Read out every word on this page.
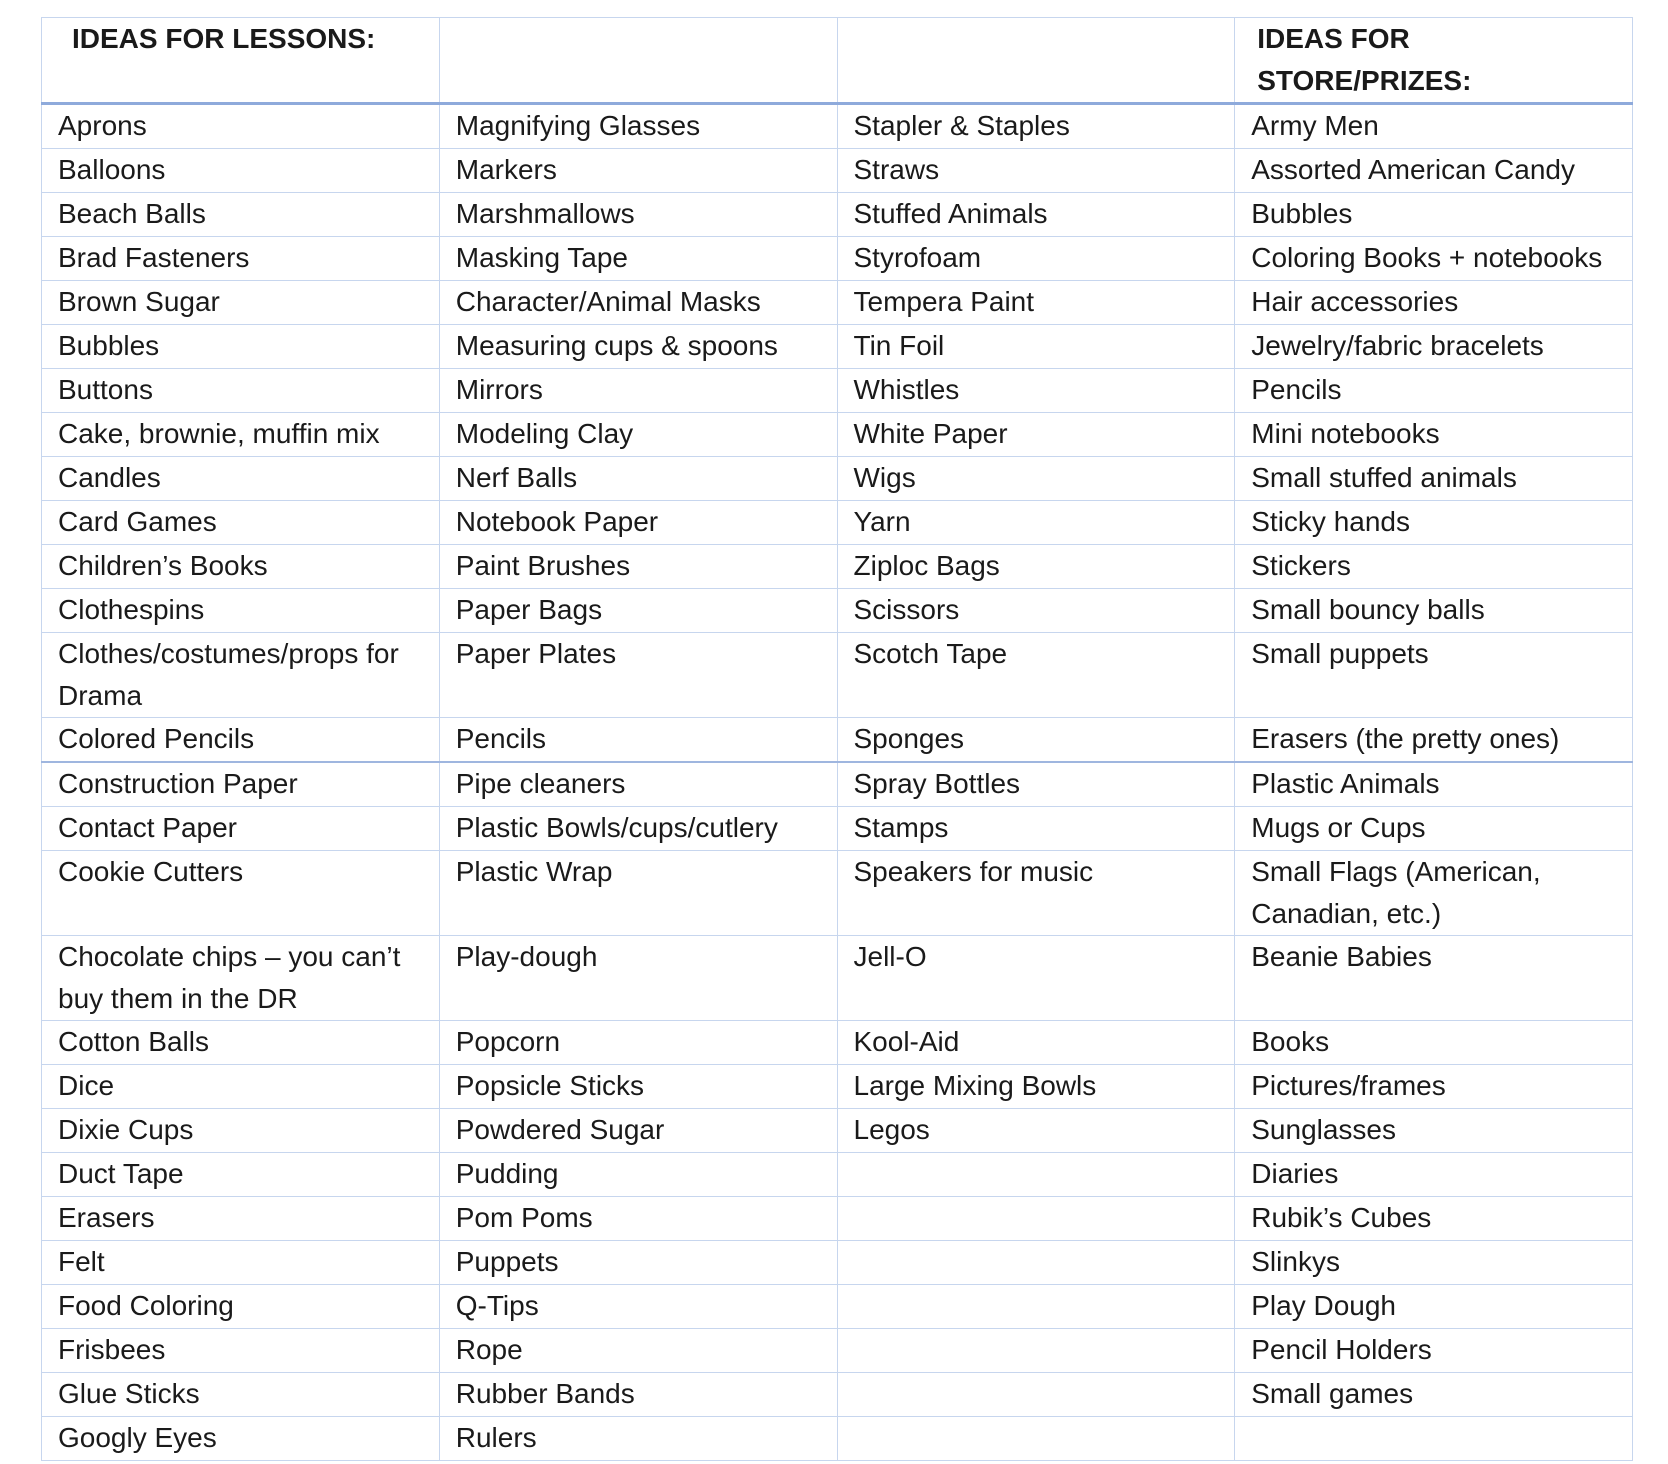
IDEAS FOR LESSONS:			IDEAS FOR STORE/PRIZES:
Aprons	Magnifying Glasses	Stapler & Staples	Army Men
Balloons	Markers	Straws	Assorted American Candy
Beach Balls	Marshmallows	Stuffed Animals	Bubbles
Brad Fasteners	Masking Tape	Styrofoam	Coloring Books + notebooks
Brown Sugar	Character/Animal Masks	Tempera Paint	Hair accessories
Bubbles	Measuring cups & spoons	Tin Foil	Jewelry/fabric bracelets
Buttons	Mirrors	Whistles	Pencils
Cake, brownie, muffin mix	Modeling Clay	White Paper	Mini notebooks
Candles	Nerf Balls	Wigs	Small stuffed animals
Card Games	Notebook Paper	Yarn	Sticky hands
Children’s Books	Paint Brushes	Ziploc Bags	Stickers
Clothespins	Paper Bags	Scissors	Small bouncy balls
Clothes/costumes/props for Drama	Paper Plates	Scotch Tape	Small puppets
Colored Pencils	Pencils	Sponges	Erasers (the pretty ones)
Construction Paper	Pipe cleaners	Spray Bottles	Plastic Animals
Contact Paper	Plastic Bowls/cups/cutlery	Stamps	Mugs or Cups
Cookie Cutters	Plastic Wrap	Speakers for music	Small Flags (American, Canadian, etc.)
Chocolate chips – you can’t buy them in the DR	Play-dough	Jell-O	Beanie Babies
Cotton Balls	Popcorn	Kool-Aid	Books
Dice	Popsicle Sticks	Large Mixing Bowls	Pictures/frames
Dixie Cups	Powdered Sugar	Legos	Sunglasses
Duct Tape	Pudding		Diaries
Erasers	Pom Poms		Rubik’s Cubes
Felt	Puppets		Slinkys
Food Coloring	Q-Tips		Play Dough
Frisbees	Rope		Pencil Holders
Glue Sticks	Rubber Bands		Small games
Googly Eyes	Rulers		
